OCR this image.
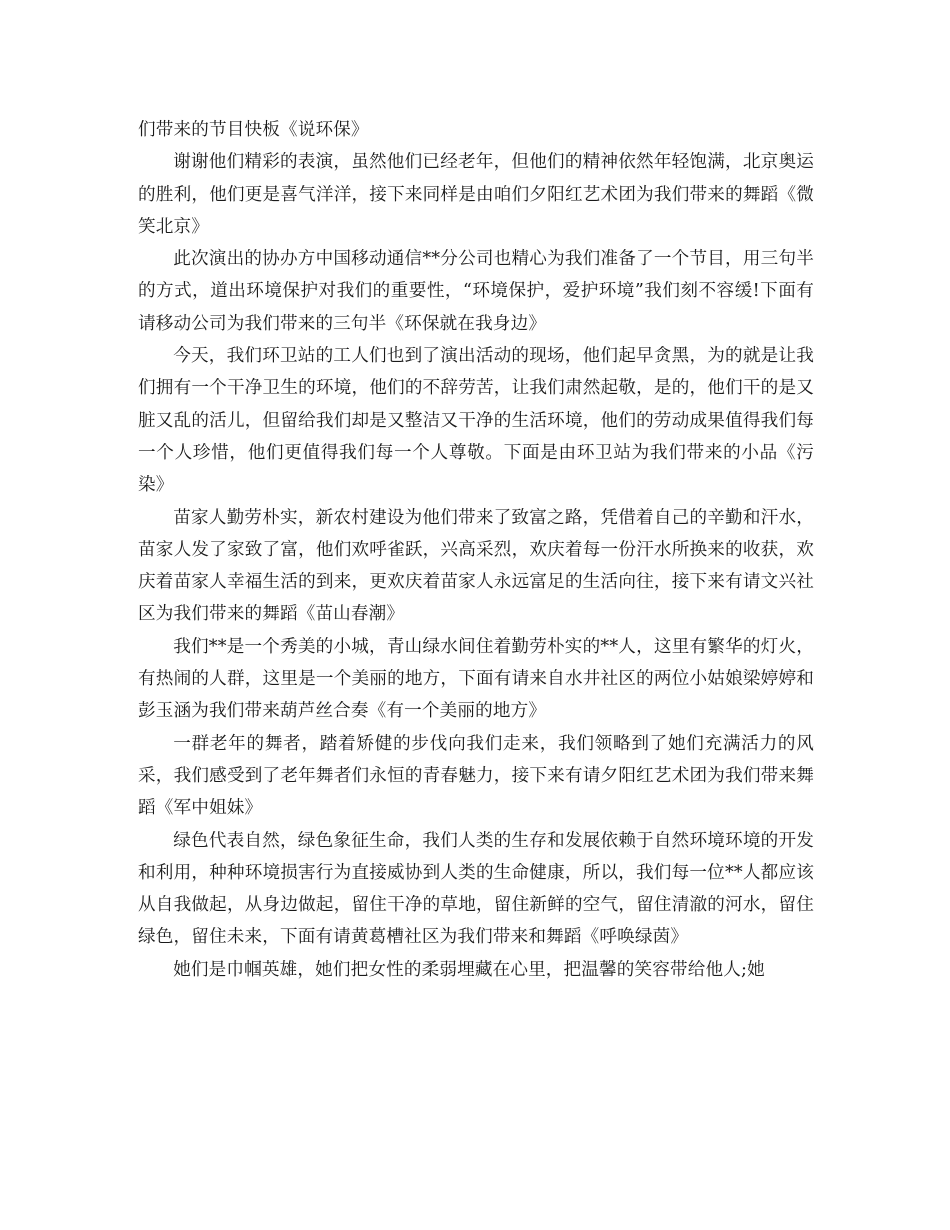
们带来的节目快板《说环保》

谢谢他们精彩的表演，虽然他们已经老年，但他们的精神依然年轻饱满，北京奥运的胜利，他们更是喜气洋洋，接下来同样是由咱们夕阳红艺术团为我们带来的舞蹈《微笑北京》

此次演出的协办方中国移动通信**分公司也精心为我们准备了一个节目，用三句半的方式，道出环境保护对我们的重要性，“环境保护，爱护环境”我们刻不容缓!下面有请移动公司为我们带来的三句半《环保就在我身边》

今天，我们环卫站的工人们也到了演出活动的现场，他们起早贪黑，为的就是让我们拥有一个干净卫生的环境，他们的不辞劳苦，让我们肃然起敬，是的，他们干的是又脏又乱的活儿，但留给我们却是又整洁又干净的生活环境，他们的劳动成果值得我们每一个人珍惜，他们更值得我们每一个人尊敬。下面是由环卫站为我们带来的小品《污染》

苗家人勤劳朴实，新农村建设为他们带来了致富之路，凭借着自己的辛勤和汗水，苗家人发了家致了富，他们欢呼雀跃，兴高采烈，欢庆着每一份汗水所换来的收获，欢庆着苗家人幸福生活的到来，更欢庆着苗家人永远富足的生活向往，接下来有请文兴社区为我们带来的舞蹈《苗山春潮》

我们**是一个秀美的小城，青山绿水间住着勤劳朴实的**人，这里有繁华的灯火，有热闹的人群，这里是一个美丽的地方，下面有请来自水井社区的两位小姑娘梁婷婷和彭玉涵为我们带来葫芦丝合奏《有一个美丽的地方》

一群老年的舞者，踏着矫健的步伐向我们走来，我们领略到了她们充满活力的风采，我们感受到了老年舞者们永恒的青春魅力，接下来有请夕阳红艺术团为我们带来舞蹈《军中姐妹》

绿色代表自然，绿色象征生命，我们人类的生存和发展依赖于自然环境环境的开发和利用，种种环境损害行为直接威协到人类的生命健康，所以，我们每一位**人都应该从自我做起，从身边做起，留住干净的草地，留住新鲜的空气，留住清澈的河水，留住绿色，留住未来，下面有请黄葛槽社区为我们带来和舞蹈《呼唤绿茵》

她们是巾帼英雄，她们把女性的柔弱埋藏在心里，把温馨的笑容带给他人;她
